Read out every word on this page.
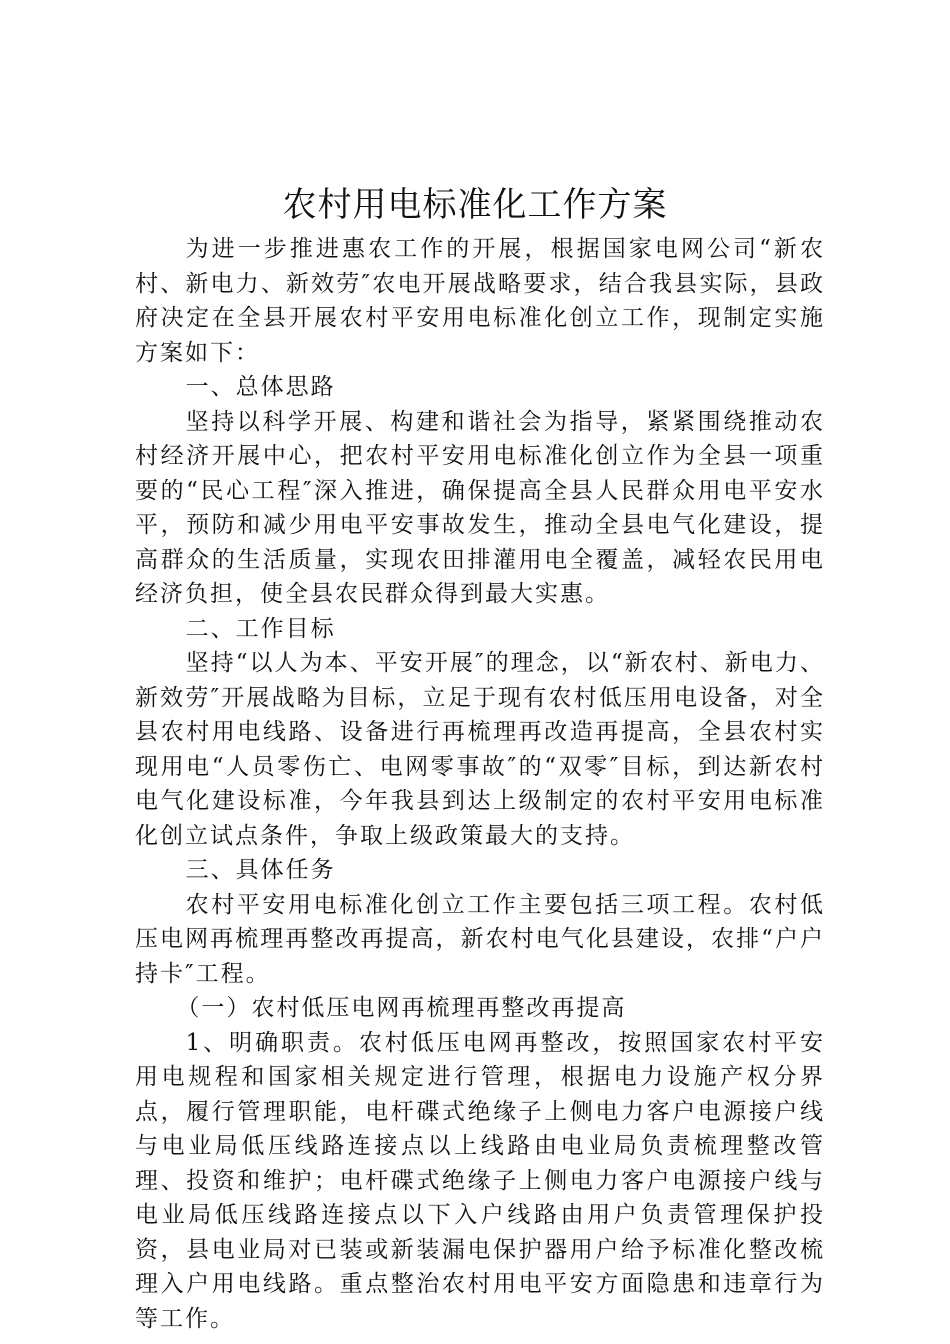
农村用电标准化工作方案

为进一步推进惠农工作的开展，根据国家电网公司“新农村、新电力、新效劳″农电开展战略要求，结合我县实际，县政府决定在全县开展农村平安用电标准化创立工作，现制定实施方案如下：

一、总体思路

坚持以科学开展、构建和谐社会为指导，紧紧围绕推动农村经济开展中心，把农村平安用电标准化创立作为全县一项重要的“民心工程″深入推进，确保提高全县人民群众用电平安水平，预防和减少用电平安事故发生，推动全县电气化建设，提高群众的生活质量，实现农田排灌用电全覆盖，减轻农民用电经济负担，使全县农民群众得到最大实惠。

二、工作目标

坚持“以人为本、平安开展″的理念，以“新农村、新电力、新效劳″开展战略为目标，立足于现有农村低压用电设备，对全县农村用电线路、设备进行再梳理再改造再提高，全县农村实现用电“人员零伤亡、电网零事故″的“双零″目标，到达新农村电气化建设标准，今年我县到达上级制定的农村平安用电标准化创立试点条件，争取上级政策最大的支持。

三、具体任务

农村平安用电标准化创立工作主要包括三项工程。农村低压电网再梳理再整改再提高，新农村电气化县建设，农排“户户持卡″工程。

（一）农村低压电网再梳理再整改再提高

1、明确职责。农村低压电网再整改，按照国家农村平安用电规程和国家相关规定进行管理，根据电力设施产权分界点，履行管理职能，电杆碟式绝缘子上侧电力客户电源接户线与电业局低压线路连接点以上线路由电业局负责梳理整改管理、投资和维护；电杆碟式绝缘子上侧电力客户电源接户线与电业局低压线路连接点以下入户线路由用户负责管理保护投资，县电业局对已装或新装漏电保护器用户给予标准化整改梳理入户用电线路。重点整治农村用电平安方面隐患和违章行为等工作。
